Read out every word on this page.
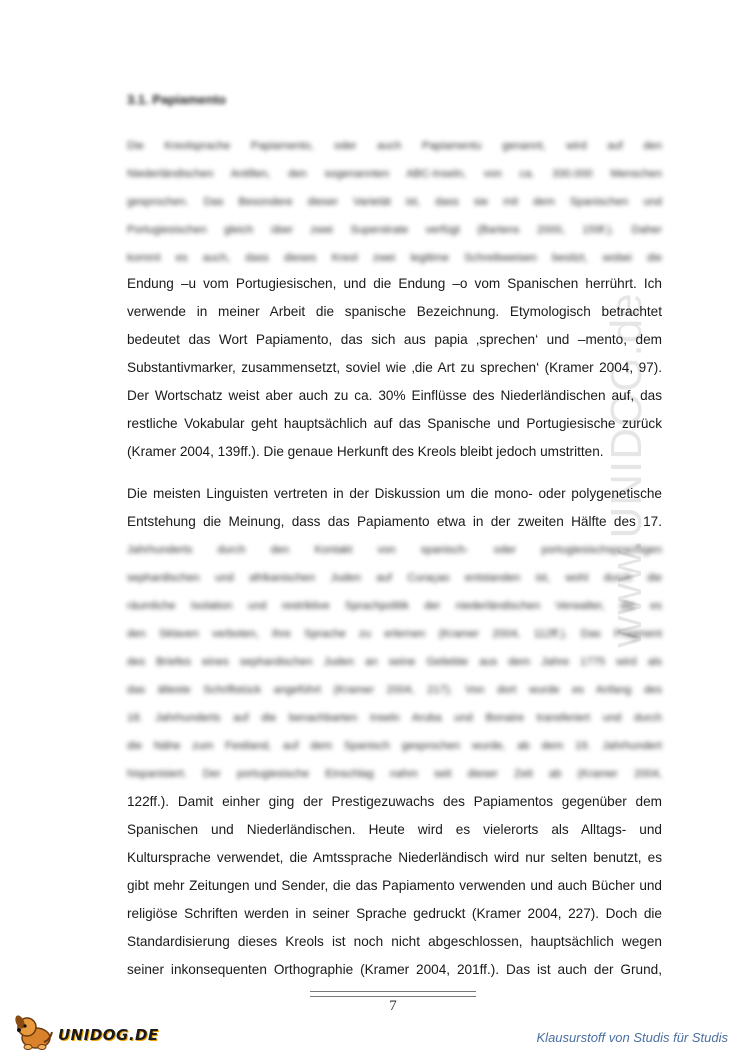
www.UNIDOG.de
3.1. Papiamento
Die Kreolsprache Papiamento, oder auch Papiamentu genannt, wird auf den
Niederländischen Antillen, den sogenannten ABC-Inseln, von ca. 330.000 Menschen
gesprochen. Das Besondere dieser Varietät ist, dass sie mit dem Spanischen und
Portugiesischen gleich über zwei Superstrate verfügt (Bartens 2000, 159f.). Daher
kommt es auch, dass dieses Kreol zwei legitime Schreibweisen besitzt, wobei die
Endung –u vom Portugiesischen, und die Endung –o vom Spanischen herrührt. Ich
verwende in meiner Arbeit die spanische Bezeichnung. Etymologisch betrachtet
bedeutet das Wort Papiamento, das sich aus papia ‚sprechen‘ und –mento, dem
Substantivmarker, zusammensetzt, soviel wie ‚die Art zu sprechen‘ (Kramer 2004, 97).
Der Wortschatz weist aber auch zu ca. 30% Einflüsse des Niederländischen auf, das
restliche Vokabular geht hauptsächlich auf das Spanische und Portugiesische zurück
(Kramer 2004, 139ff.). Die genaue Herkunft des Kreols bleibt jedoch umstritten.
Die meisten Linguisten vertreten in der Diskussion um die mono- oder polygenetische
Entstehung die Meinung, dass das Papiamento etwa in der zweiten Hälfte des 17.
Jahrhunderts durch den Kontakt von spanisch- oder portugiesischsprachigen
sephardischen und afrikanischen Juden auf Curaçao entstanden ist, wohl durch die
räumliche Isolation und restriktive Sprachpolitik der niederländischen Verwalter, die es
den Sklaven verboten, ihre Sprache zu erlernen (Kramer 2004, 112ff.). Das Fragment
des Briefes eines sephardischen Juden an seine Geliebte aus dem Jahre 1775 wird als
das älteste Schriftstück angeführt (Kramer 2004, 217). Von dort wurde es Anfang des
18. Jahrhunderts auf die benachbarten Inseln Aruba und Bonaire transferiert und durch
die Nähe zum Festland, auf dem Spanisch gesprochen wurde, ab dem 19. Jahrhundert
hispanisiert. Der portugiesische Einschlag nahm seit dieser Zeit ab (Kramer 2004,
122ff.). Damit einher ging der Prestigezuwachs des Papiamentos gegenüber dem
Spanischen und Niederländischen. Heute wird es vielerorts als Alltags- und
Kultursprache verwendet, die Amtssprache Niederländisch wird nur selten benutzt, es
gibt mehr Zeitungen und Sender, die das Papiamento verwenden und auch Bücher und
religiöse Schriften werden in seiner Sprache gedruckt (Kramer 2004, 227). Doch die
Standardisierung dieses Kreols ist noch nicht abgeschlossen, hauptsächlich wegen
seiner inkonsequenten Orthographie (Kramer 2004, 201ff.). Das ist auch der Grund,
7
UNIDOG.DE	Klausurstoff von Studis für Studis
